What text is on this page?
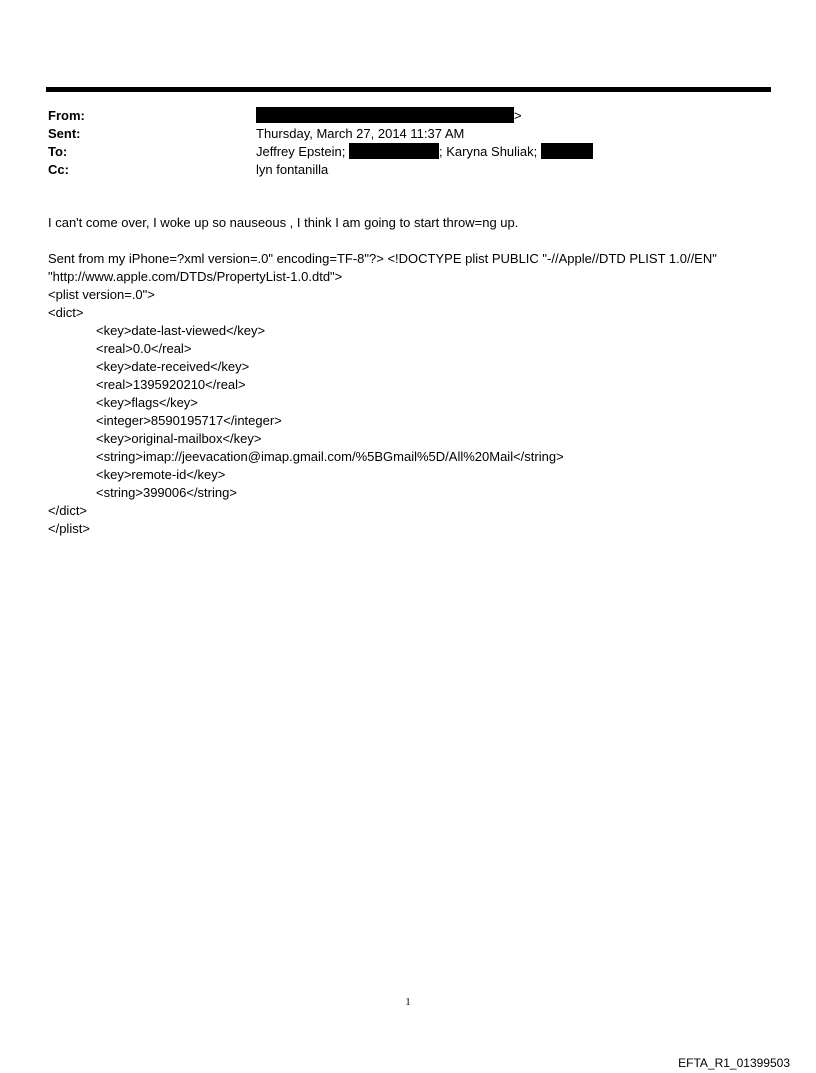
From:	>
Sent:	Thursday, March 27, 2014 11:37 AM
To:	Jeffrey Epstein;	; Karyna Shuliak;
Cc:	lyn fontanilla

I can't come over, I woke up so nauseous , I think I am going to start throw=ng up.

Sent from my iPhone=?xml version=.0" encoding=TF-8"?> <!DOCTYPE plist PUBLIC "-//Apple//DTD PLIST 1.0//EN"

"http://www.apple.com/DTDs/PropertyList-1.0.dtd">

<plist version=.0">

<dict>

<key>date-last-viewed</key>

<real>0.0</real>

<key>date-received</key>

<real>1395920210</real>

<key>flags</key>

<integer>8590195717</integer>

<key>original-mailbox</key>

<string>imap://jeevacation@imap.gmail.com/%5BGmail%5D/All%20Mail</string>

<key>remote-id</key>

<string>399006</string>

</dict>

</plist>

1
EFTA_R1_01399503
